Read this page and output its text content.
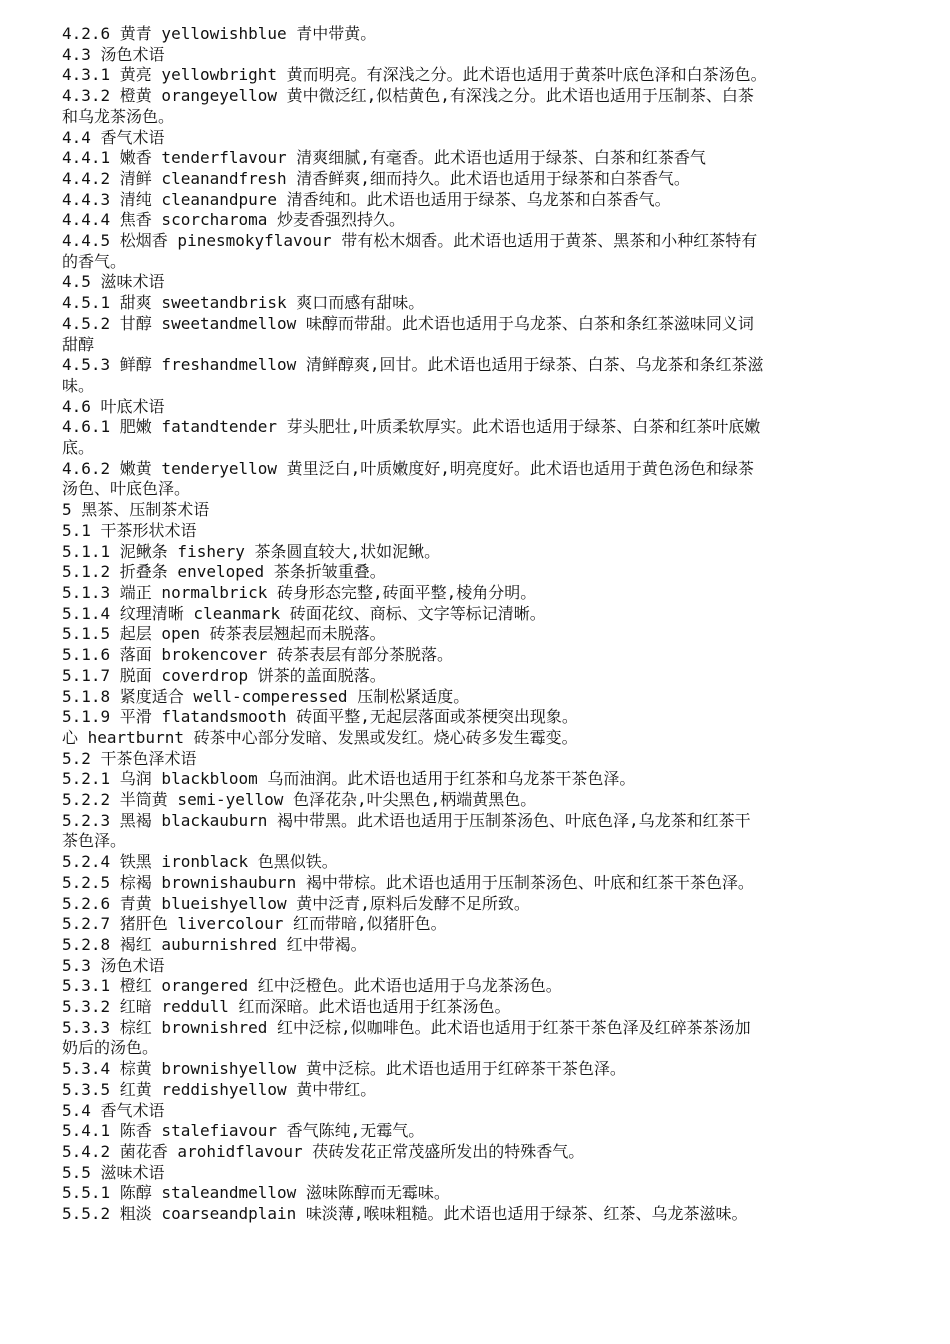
4.2.6 黄青 yellowishblue 青中带黄。

4.3 汤色术语

4.3.1 黄亮 yellowbright 黄而明亮。有深浅之分。此术语也适用于黄茶叶底色泽和白茶汤色。

4.3.2 橙黄 orangeyellow 黄中微泛红,似桔黄色,有深浅之分。此术语也适用于压制茶、白茶

和乌龙茶汤色。

4.4 香气术语

4.4.1 嫩香 tenderflavour 清爽细腻,有毫香。此术语也适用于绿茶、白茶和红茶香气

4.4.2 清鲜 cleanandfresh 清香鲜爽,细而持久。此术语也适用于绿茶和白茶香气。

4.4.3 清纯 cleanandpure 清香纯和。此术语也适用于绿茶、乌龙茶和白茶香气。

4.4.4 焦香 scorcharoma 炒麦香强烈持久。

4.4.5 松烟香 pinesmokyflavour 带有松木烟香。此术语也适用于黄茶、黑茶和小种红茶特有

的香气。

4.5 滋味术语

4.5.1 甜爽 sweetandbrisk 爽口而感有甜味。

4.5.2 甘醇 sweetandmellow 味醇而带甜。此术语也适用于乌龙茶、白茶和条红茶滋味同义词

甜醇

4.5.3 鲜醇 freshandmellow 清鲜醇爽,回甘。此术语也适用于绿茶、白茶、乌龙茶和条红茶滋

味。

4.6 叶底术语

4.6.1 肥嫩 fatandtender 芽头肥壮,叶质柔软厚实。此术语也适用于绿茶、白茶和红茶叶底嫩

底。

4.6.2 嫩黄 tenderyellow 黄里泛白,叶质嫩度好,明亮度好。此术语也适用于黄色汤色和绿茶

汤色、叶底色泽。

5 黑茶、压制茶术语

5.1 干茶形状术语

5.1.1 泥鳅条 fishery 茶条圆直较大,状如泥鳅。

5.1.2 折叠条 enveloped 茶条折皱重叠。

5.1.3 端正 normalbrick 砖身形态完整,砖面平整,棱角分明。

5.1.4 纹理清晰 cleanmark 砖面花纹、商标、文字等标记清晰。

5.1.5 起层 open 砖茶表层翘起而未脱落。

5.1.6 落面 brokencover 砖茶表层有部分茶脱落。

5.1.7 脱面 coverdrop 饼茶的盖面脱落。

5.1.8 紧度适合 well-comperessed 压制松紧适度。

5.1.9 平滑 flatandsmooth 砖面平整,无起层落面或茶梗突出现象。

心 heartburnt 砖茶中心部分发暗、发黑或发红。烧心砖多发生霉变。

5.2 干茶色泽术语

5.2.1 乌润 blackbloom 乌而油润。此术语也适用于红茶和乌龙茶干茶色泽。

5.2.2 半筒黄 semi-yellow 色泽花杂,叶尖黑色,柄端黄黑色。

5.2.3 黑褐 blackauburn 褐中带黑。此术语也适用于压制茶汤色、叶底色泽,乌龙茶和红茶干

茶色泽。

5.2.4 铁黑 ironblack 色黑似铁。

5.2.5 棕褐 brownishauburn 褐中带棕。此术语也适用于压制茶汤色、叶底和红茶干茶色泽。

5.2.6 青黄 blueishyellow 黄中泛青,原料后发酵不足所致。

5.2.7 猪肝色 livercolour 红而带暗,似猪肝色。

5.2.8 褐红 auburnishred 红中带褐。

5.3 汤色术语

5.3.1 橙红 orangered 红中泛橙色。此术语也适用于乌龙茶汤色。

5.3.2 红暗 reddull 红而深暗。此术语也适用于红茶汤色。

5.3.3 棕红 brownishred 红中泛棕,似咖啡色。此术语也适用于红茶干茶色泽及红碎茶茶汤加

奶后的汤色。

5.3.4 棕黄 brownishyellow 黄中泛棕。此术语也适用于红碎茶干茶色泽。

5.3.5 红黄 reddishyellow 黄中带红。

5.4 香气术语

5.4.1 陈香 stalefiavour 香气陈纯,无霉气。

5.4.2 菌花香 arohidflavour 茯砖发花正常茂盛所发出的特殊香气。

5.5 滋味术语

5.5.1 陈醇 staleandmellow 滋味陈醇而无霉味。

5.5.2 粗淡 coarseandplain 味淡薄,喉味粗糙。此术语也适用于绿茶、红茶、乌龙茶滋味。
